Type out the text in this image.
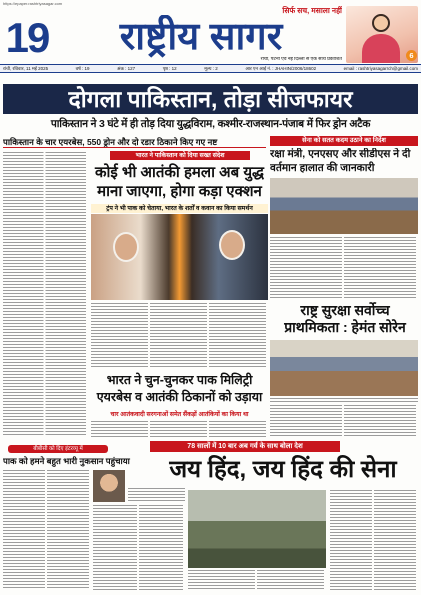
https://epaper.rashtriyasagar.com
19
सिर्फ सच, मसाला नहीं
राष्ट्रीय सागर
रांची, पटना एवं नई दिल्ली से एक साथ प्रकाशित	6
रांची, रविवार, 11 मई 2025	वर्ष : 19	अंक : 127	पृष्ठ : 12	मूल्य : 2	आर एन आई नं. : JHAHIN/2006/18602	email : rashtriyasagarrch@gmail.com
दोगला पाकिस्तान, तोड़ा सीजफायर
पाकिस्तान ने 3 घंटे में ही तोड़ दिया युद्धविराम, कश्मीर-राजस्थान-पंजाब में फिर ड्रोन अटैक
पाकिस्तान के चार एयरबेस, 550 ड्रोन और दो रडार ठिकाने किए गए नष्ट	सेना को सतत कदम उठाने का निर्देश
भारत ने पाकिस्तान को दिया सख्त संदेश
कोई भी आतंकी हमला अब युद्ध माना जाएगा, होगा कड़ा एक्शन
ट्रंप ने भी पाक को चेताया, भारत के शर्तों व कवान का किया समर्थन
भारत ने चुन-चुनकर पाक मिलिट्री एयरबेस व आतंकी ठिकानों को उड़ाया
चार आतंकवादी सरगनाओं समेत सैंकड़ों आतंकियों का किया था
रक्षा मंत्री, एनएसए और सीडीएस ने दी वर्तमान हालात की जानकारी
राष्ट्र सुरक्षा सर्वोच्च प्राथमिकता : हेमंत सोरेन
78 सालों में 10 बार अब गर्व के साथ बोला देश
बीबीसी को दिए इंटरव्यू में
पाक को हमने बहुत भारी नुकसान पहुंचाया	जय हिंद, जय हिंद की सेना
